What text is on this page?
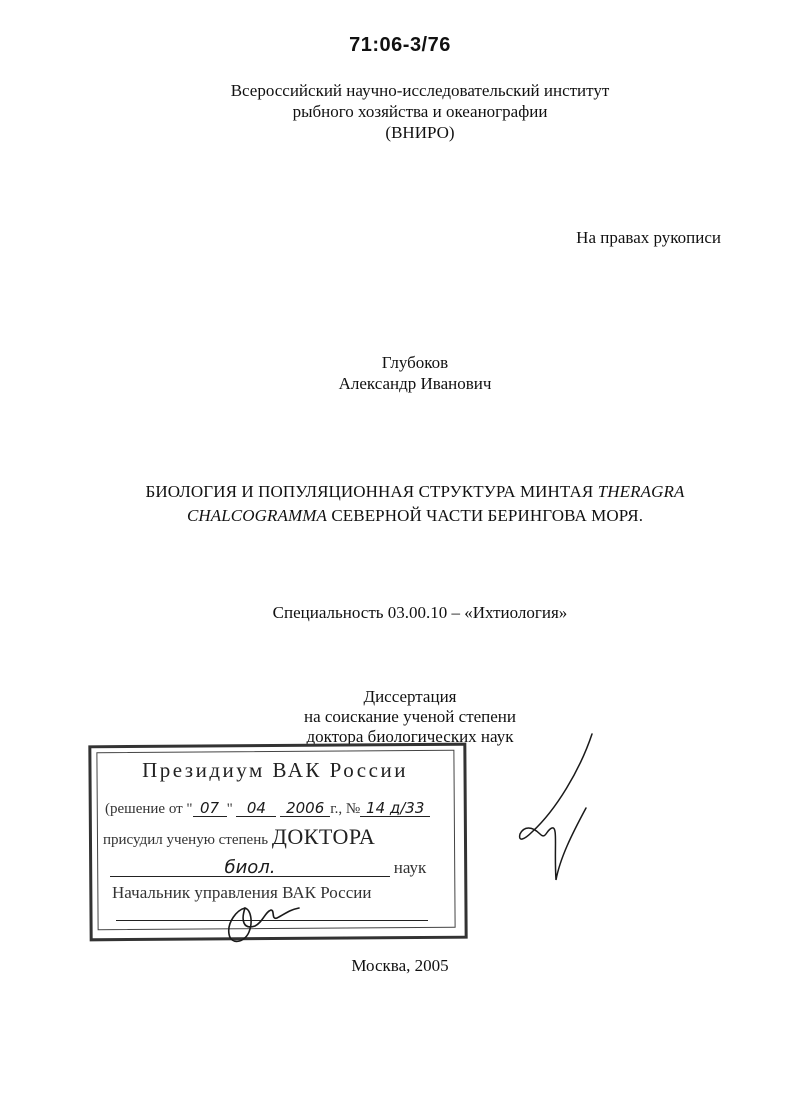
71:06-3/76
Всероссийский научно-исследовательский институт
рыбного хозяйства и океанографии
(ВНИРО)
На правах рукописи
Глубоков
Александр Иванович
БИОЛОГИЯ И ПОПУЛЯЦИОННАЯ СТРУКТУРА МИНТАЯ THERAGRA
CHALCOGRAMMA СЕВЕРНОЙ ЧАСТИ БЕРИНГОВА МОРЯ.
Специальность 03.00.10 – «Ихтиология»
Диссертация
на соискание ученой степени
доктора биологических наук
Президиум ВАК России
(решение от " 07 " 04 2006 г., № 14 д/33
присудил ученую степень ДОКТОРА
биол.	наук
Начальник управления ВАК России
Москва, 2005
